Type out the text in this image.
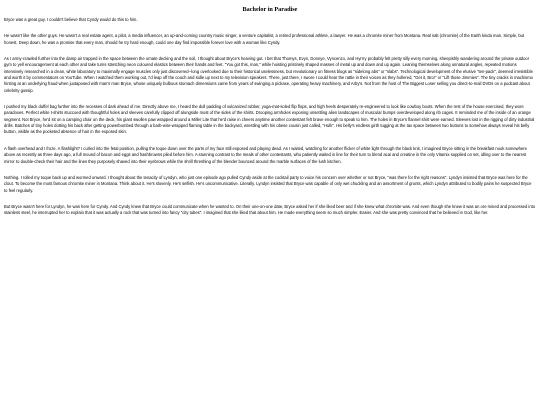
Bachelor in Paradise

Bryce was a great guy. I couldn't believe that Cyndy would do this to him.

He wasn't like the other guys. He wasn't a real estate agent, a pilot, a media influencer, an up-and-coming country music singer, a venture capitalist, a retired professional athlete, a lawyer. He was a chromite miner from Montana. Real salt (chromite) of the Earth kinda man. Simple, but honest. Deep down, he was a promise that every man, should he try hard enough, could one day find impossible forever love with a woman like Cyndy.

As I army-crawled further into the damp air trapped in the space between the ornate decking and the soil, I thought about Bryce's heaving gut. I bet that Thomys, Evyn, Donnye, Vyncenzo, and Hyrrry probably felt pretty silly every morning, sheepishly wandering around the private outdoor gym to yell encouragement at each other and take turns stretching neon coloured elastics between their hands and feet. "You got this, man," while hoisting pristinely shaped masses of metal up and down and up again. Leaning themselves along unnatural angles, repeated motions intensively researched in a clean, white laboratory to maximally engage muscles only just discovered--long overlooked due to their historical uselessness, but revolutionary on fitness blogs as "sidelong abs" or "slabs". Technological development of the elusive "ten-pack", deemed irresistible and worth it by commentators on YouTube. When I watched them working out, I'd leap off the couch and sidle up next to my television speakers. There, just there, I swore I could hear the rattle in their voices as they hollered, "Get it, Bro!" or "Lift those Jimmies". The tiny cracks in machismo hinting at an underlying fraud when juxtaposed with man's man Bryce, whose uniquely bulbous stomach dimensions came from years of swinging a pickaxe, operating heavy machinery, and Arby's. Not from the host of The Biggest Loser selling you direct-to-mail DVDs on a podcast about celebrity gossip.

I pushed my black duffel bag further into the recesses of dark ahead of me. Directly above me, I heard the dull padding of vulcanized rubber, yoga-mat-soled flip flops, and high heels desperately re-engineered to look like cowboy boots. When the rest of the house exercised, they wore paradoxes. Perfect white t-shirts stuccoed with thoughtful holes and sleeves carefully clipped off alongside most of the sides of the shirts. Drooping armholes exposing unsettling alien landscapes of muscular bumps overdeveloped along rib cages. It reminded me of the inside of an orange segment. Not Bryce, he'd sit on a camping chair on the deck, his giant swollen paw wrapped around a Miller Lite that he'd raise in cheers anytime another contestant felt brave enough to speak to him. The holes in Bryce's flannel shirt were earned. Sleeves lost in the rigging of dirty industrial drills. Batches of tiny holes dotting his back after getting powerbombed through a barb-wire-wrapped flaming table in the backyard, wrestling with his obese cousin just called, "Hulk". His belly's endless girth tugging at the tax space between two buttons to somehow always reveal his belly button, visible as the pocketed absence of hair in the exposed skin.

A flash overhead and I froze. A flashlight? I curled into the fetal position, pulling the toque down over the parts of my face still exposed and playing dead. As I waited, watching for another flicker of white light through the black knit, I imagined Bryce sitting in the breakfast nook somewhere above as recently as three days ago, a full mound of bacon and eggs and hashbrowns piled before him. A stunning contrast to the meals of other contestants, who patiently waited in line for their turn to blend acai and creatine in the only Vitamix supplied on set, idling over to the nearest mirror to double-check their hair and the lines they purposely shaved into their eyebrows while the shrill threshing of the blender bounced around the marble surfaces of the lush kitchen.

Nothing. I rolled my toque back up and wormed onward. I thought about the tenacity of Lyndyn, who just one episode ago pulled Cyndy aside at the cocktail party to voice his concern over whether or not Bryce, "was there for the right reasons". Lyndyn insisted that Bryce was here for the clout. To become the most famous chromite miner in Montana. Think about it. He's slovenly. He's selfish. He's uncommunicative. Literally. Lyndyn insisted that Bryce was capable of only wet chuckling and an assortment of grunts, which Lyndyn attributed to bodily pains he suspected Bryce to feel regularly.

But Bryce wasn't here for Lyndyn, he was here for Cyndy. And Cyndy knew that Bryce could communicate when he wanted to. On their one-on-one date, Bryce asked her if she liked beer and if she knew what chromite was. And even though she knew it was an ore mined and processed into stainless steel, he interrupted her to explain that it was actually a rock that was turned into fancy "city tubes". I imagined that she liked that about him. He made everything seem so much simpler. Easier. And she was pretty convinced that he believed in God, like her.
